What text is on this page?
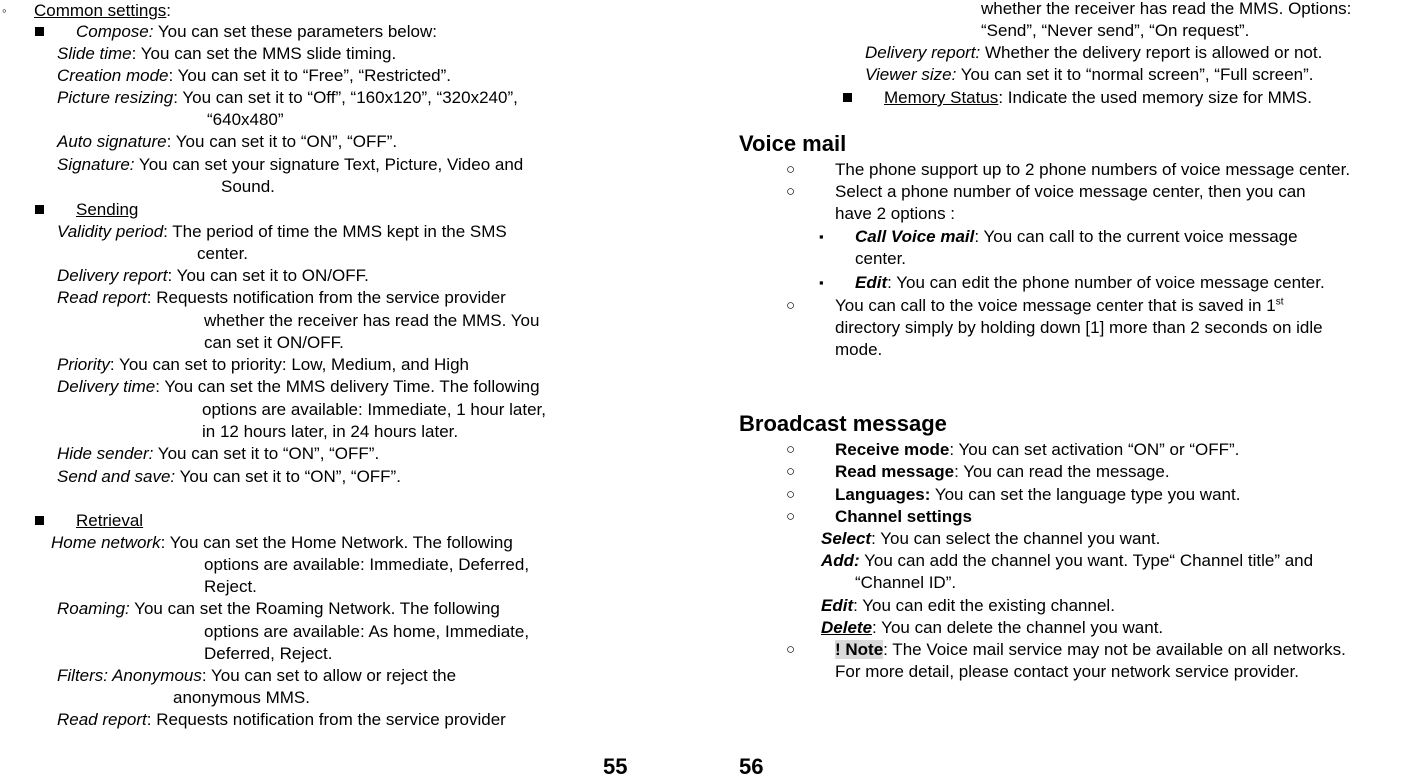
◦ Common settings:
Compose: You can set these parameters below:
Slide time: You can set the MMS slide timing.
Creation mode: You can set it to “Free”, “Restricted”.
Picture resizing: You can set it to “Off”, “160x120”, “320x240”,
“640x480”
Auto signature: You can set it to “ON”, “OFF”.
Signature: You can set your signature Text, Picture, Video and
Sound.
Sending
Validity period: The period of time the MMS kept in the SMS
center.
Delivery report: You can set it to ON/OFF.
Read report: Requests notification from the service provider
whether the receiver has read the MMS. You
can set it ON/OFF.
Priority: You can set to priority: Low, Medium, and High
Delivery time: You can set the MMS delivery Time. The following
options are available: Immediate, 1 hour later,
in 12 hours later, in 24 hours later.
Hide sender: You can set it to “ON”, “OFF”.
Send and save: You can set it to “ON”, “OFF”.
Retrieval
Home network: You can set the Home Network. The following
options are available: Immediate, Deferred,
Reject.
Roaming: You can set the Roaming Network. The following
options are available: As home, Immediate,
Deferred, Reject.
Filters: Anonymous: You can set to allow or reject the
anonymous MMS.
Read report: Requests notification from the service provider
55
whether the receiver has read the MMS. Options:
“Send”, “Never send”, “On request”.
Delivery report: Whether the delivery report is allowed or not.
Viewer size: You can set it to “normal screen”, “Full screen”.
Memory Status: Indicate the used memory size for MMS.
Voice mail
○ The phone support up to 2 phone numbers of voice message center.
○ Select a phone number of voice message center, then you can
have 2 options :
▪ Call Voice mail: You can call to the current voice message
center.
▪ Edit: You can edit the phone number of voice message center.
○ You can call to the voice message center that is saved in 1st
directory simply by holding down [1] more than 2 seconds on idle
mode.
Broadcast message
○ Receive mode: You can set activation “ON” or “OFF”.
○ Read message: You can read the message.
○ Languages: You can set the language type you want.
○ Channel settings
Select: You can select the channel you want.
Add: You can add the channel you want. Type“ Channel title” and
“Channel ID”.
Edit: You can edit the existing channel.
Delete: You can delete the channel you want.
○ ! Note: The Voice mail service may not be available on all networks.
For more detail, please contact your network service provider.
56
